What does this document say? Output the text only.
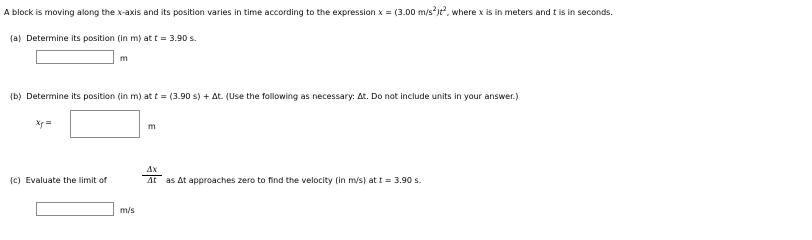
A block is moving along the x-axis and its position varies in time according to the expression x = (3.00 $m/s^2)t^2$, where x is in meters and t is in seconds.
(a) Determine its position (in m) at t = 3.90 s.
m
(b) Determine its position (in m) at t = (3.90 s) + Δt. (Use the following as necessary: Δt. Do not include units in your answer.)
$x_f$ =	m
(c) Evaluate the limit of
Δx
Δt	as Δt approaches zero to find the velocity (in m/s) at t = 3.90 s.
m/s
